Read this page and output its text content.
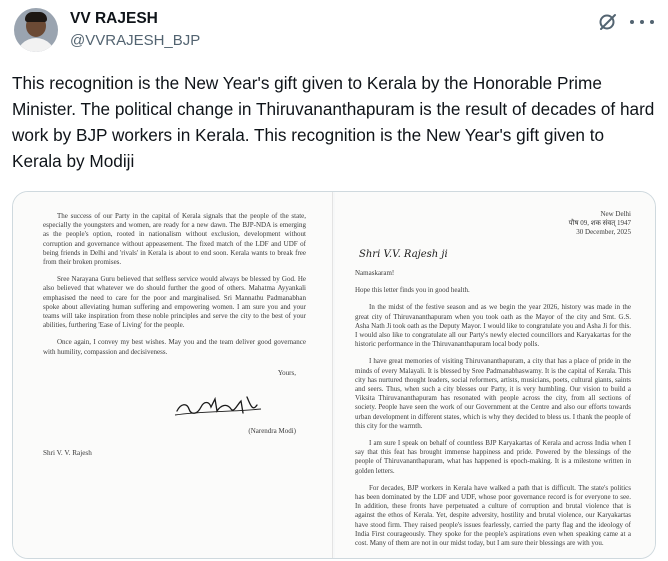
VV RAJESH
@VVRAJESH_BJP
This recognition is the New Year's gift given to Kerala by the Honorable Prime Minister. The political change in Thiruvananthapuram is the result of decades of hard work by BJP workers in Kerala. This recognition is the New Year's gift given to Kerala by Modiji

The success of our Party in the capital of Kerala signals that the people of the state, especially the youngsters and women, are ready for a new dawn. The BJP-NDA is emerging as the people's option, rooted in nationalism without exclusion, development without corruption and governance without appeasement. The fixed match of the LDF and UDF of being friends in Delhi and 'rivals' in Kerala is about to end soon. Kerala wants to break free from their broken promises.

Sree Narayana Guru believed that selfless service would always be blessed by God. He also believed that whatever we do should further the good of others. Mahatma Ayyankali emphasised the need to care for the poor and marginalised. Sri Mannathu Padmanabhan spoke about alleviating human suffering and empowering women. I am sure you and your teams will take inspiration from these noble principles and serve the city to the best of your abilities, furthering 'Ease of Living' for the people.

Once again, I convey my best wishes. May you and the team deliver good governance with humility, compassion and decisiveness.

Yours,
(Narendra Modi)
Shri V. V. Rajesh
New Delhi
पौष 09, शक संवत् 1947
30 December, 2025
Shri V.V. Rajesh ji
Namaskaram!

Hope this letter finds you in good health.

In the midst of the festive season and as we begin the year 2026, history was made in the great city of Thiruvananthapuram when you took oath as the Mayor of the city and Smt. G.S. Asha Nath Ji took oath as the Deputy Mayor. I would like to congratulate you and Asha Ji for this. I would also like to congratulate all our Party's newly elected councillors and Karyakartas for the historic performance in the Thiruvananthapuram local body polls.

I have great memories of visiting Thiruvananthapuram, a city that has a place of pride in the minds of every Malayali. It is blessed by Sree Padmanabhaswamy. It is the capital of Kerala. This city has nurtured thought leaders, social reformers, artists, musicians, poets, cultural giants, saints and seers. Thus, when such a city blesses our Party, it is very humbling. Our vision to build a Viksita Thiruvananthapuram has resonated with people across the city, from all sections of society. People have seen the work of our Government at the Centre and also our efforts towards urban development in different states, which is why they decided to bless us. I thank the people of this city for the warmth.

I am sure I speak on behalf of countless BJP Karyakartas of Kerala and across India when I say that this feat has brought immense happiness and pride. Powered by the blessings of the people of Thiruvananthapuram, what has happened is epoch-making. It is a milestone written in golden letters.

For decades, BJP workers in Kerala have walked a path that is difficult. The state's politics has been dominated by the LDF and UDF, whose poor governance record is for everyone to see. In addition, these fronts have perpetuated a culture of corruption and brutal violence that is against the ethos of Kerala. Yet, despite adversity, hostility and brutal violence, our Karyakartas have stood firm. They raised people's issues fearlessly, carried the party flag and the ideology of India First courageously. They spoke for the people's aspirations even when speaking came at a cost. Many of them are not in our midst today, but I am sure their blessings are with you.
